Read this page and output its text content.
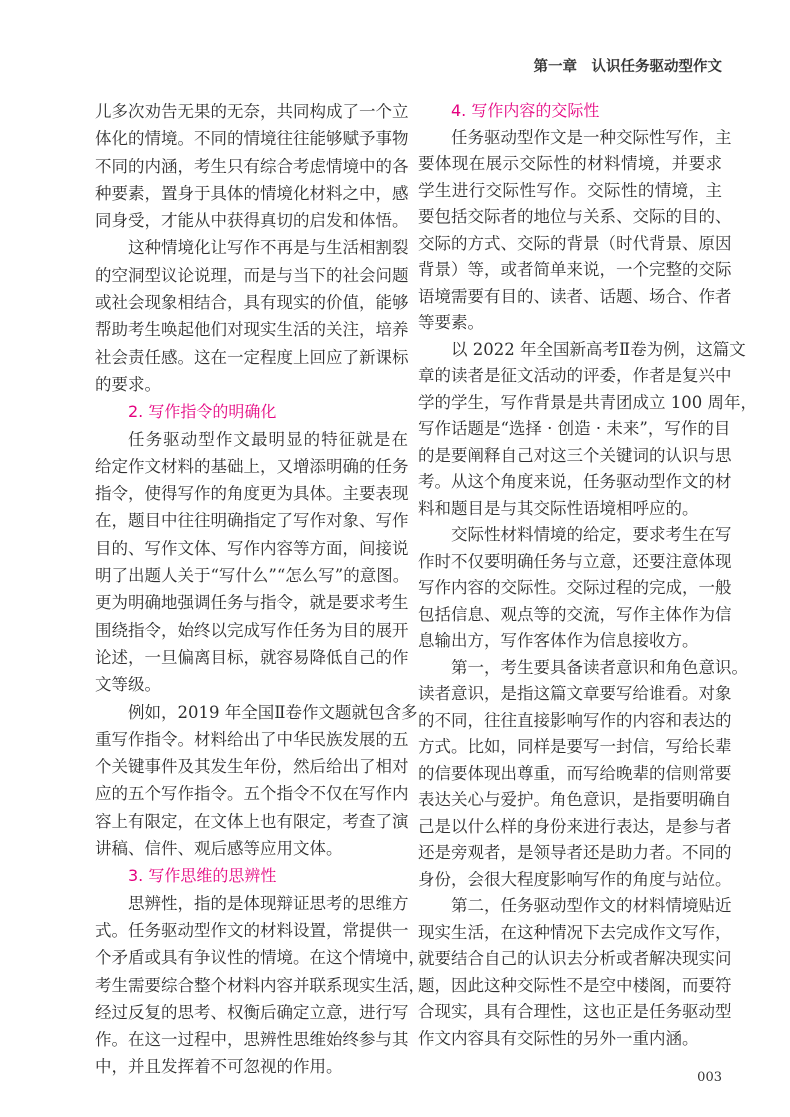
第一章　认识任务驱动型作文
儿多次劝告无果的无奈，共同构成了一个立
体化的情境。不同的情境往往能够赋予事物
不同的内涵，考生只有综合考虑情境中的各
种要素，置身于具体的情境化材料之中，感
同身受，才能从中获得真切的启发和体悟。
这种情境化让写作不再是与生活相割裂
的空洞型议论说理，而是与当下的社会问题
或社会现象相结合，具有现实的价值，能够
帮助考生唤起他们对现实生活的关注，培养
社会责任感。这在一定程度上回应了新课标
的要求。
2. 写作指令的明确化
任务驱动型作文最明显的特征就是在
给定作文材料的基础上，又增添明确的任务
指令，使得写作的角度更为具体。主要表现
在，题目中往往明确指定了写作对象、写作
目的、写作文体、写作内容等方面，间接说
明了出题人关于“写什么”“怎么写”的意图。
更为明确地强调任务与指令，就是要求考生
围绕指令，始终以完成写作任务为目的展开
论述，一旦偏离目标，就容易降低自己的作
文等级。
例如，2019 年全国Ⅱ卷作文题就包含多
重写作指令。材料给出了中华民族发展的五
个关键事件及其发生年份，然后给出了相对
应的五个写作指令。五个指令不仅在写作内
容上有限定，在文体上也有限定，考查了演
讲稿、信件、观后感等应用文体。
3. 写作思维的思辨性
思辨性，指的是体现辩证思考的思维方
式。任务驱动型作文的材料设置，常提供一
个矛盾或具有争议性的情境。在这个情境中，
考生需要综合整个材料内容并联系现实生活，
经过反复的思考、权衡后确定立意，进行写
作。在这一过程中，思辨性思维始终参与其
中，并且发挥着不可忽视的作用。
4. 写作内容的交际性
任务驱动型作文是一种交际性写作，主
要体现在展示交际性的材料情境，并要求
学生进行交际性写作。交际性的情境，主
要包括交际者的地位与关系、交际的目的、
交际的方式、交际的背景（时代背景、原因
背景）等，或者简单来说，一个完整的交际
语境需要有目的、读者、话题、场合、作者
等要素。
以 2022 年全国新高考Ⅱ卷为例，这篇文
章的读者是征文活动的评委，作者是复兴中
学的学生，写作背景是共青团成立 100 周年，
写作话题是“选择 · 创造 · 未来”，写作的目
的是要阐释自己对这三个关键词的认识与思
考。从这个角度来说，任务驱动型作文的材
料和题目是与其交际性语境相呼应的。
交际性材料情境的给定，要求考生在写
作时不仅要明确任务与立意，还要注意体现
写作内容的交际性。交际过程的完成，一般
包括信息、观点等的交流，写作主体作为信
息输出方，写作客体作为信息接收方。
第一，考生要具备读者意识和角色意识。
读者意识，是指这篇文章要写给谁看。对象
的不同，往往直接影响写作的内容和表达的
方式。比如，同样是要写一封信，写给长辈
的信要体现出尊重，而写给晚辈的信则常要
表达关心与爱护。角色意识，是指要明确自
己是以什么样的身份来进行表达，是参与者
还是旁观者，是领导者还是助力者。不同的
身份，会很大程度影响写作的角度与站位。
第二，任务驱动型作文的材料情境贴近
现实生活，在这种情况下去完成作文写作，
就要结合自己的认识去分析或者解决现实问
题，因此这种交际性不是空中楼阁，而要符
合现实，具有合理性，这也正是任务驱动型
作文内容具有交际性的另外一重内涵。
003
